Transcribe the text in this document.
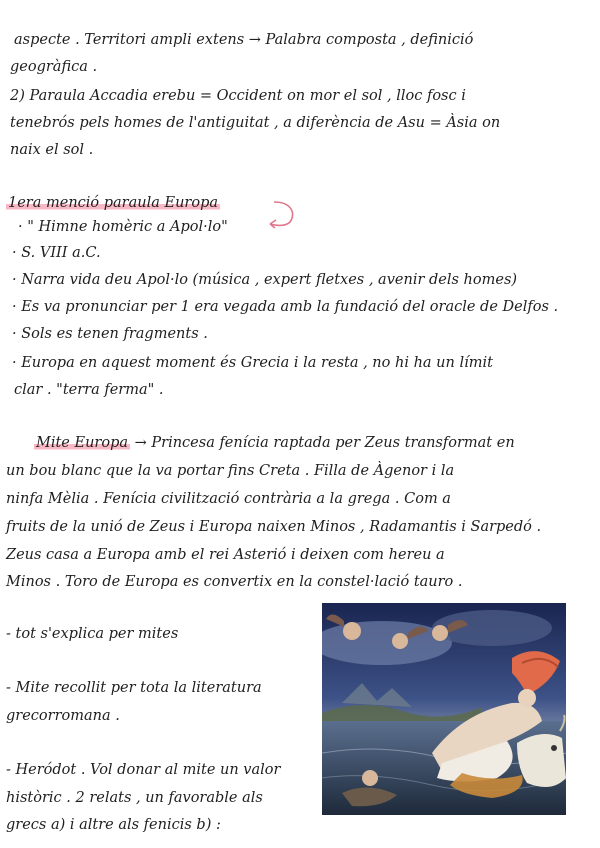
aspecte . Territori ampli extens → Palabra composta , definició
geogràfica .
2) Paraula Accadia erebu = Occident on mor el sol , lloc fosc i
tenebrós pels homes de l'antiguitat , a diferència de Asu = Àsia on
naix el sol .
1era menció paraula Europa
· " Himne homèric a Apol·lo"
· S. VIII a.C.
· Narra vida deu Apol·lo (música , expert fletxes , avenir dels homes)
· Es va pronunciar per 1 era vegada amb la fundació del oracle de Delfos .
· Sols es tenen fragments .
· Europa en aquest moment és Grecia i la resta , no hi ha un límit
clar . "terra ferma" .
Mite Europa → Princesa fenícia raptada per Zeus transformat en
un bou blanc que la va portar fins Creta . Filla de Àgenor i la
ninfa Mèlia . Fenícia civilització contrària a la grega . Com a
fruits de la unió de Zeus i Europa naixen Minos , Radamantis i Sarpedó .
Zeus casa a Europa amb el rei Asterió i deixen com hereu a
Minos . Toro de Europa es convertix en la constel·lació tauro .
- tot s'explica per mites
- Mite recollit per tota la literatura
grecorromana .
- Heródot . Vol donar al mite un valor
històric . 2 relats , un favorable als
grecs a) i altre als fenicis b) :
